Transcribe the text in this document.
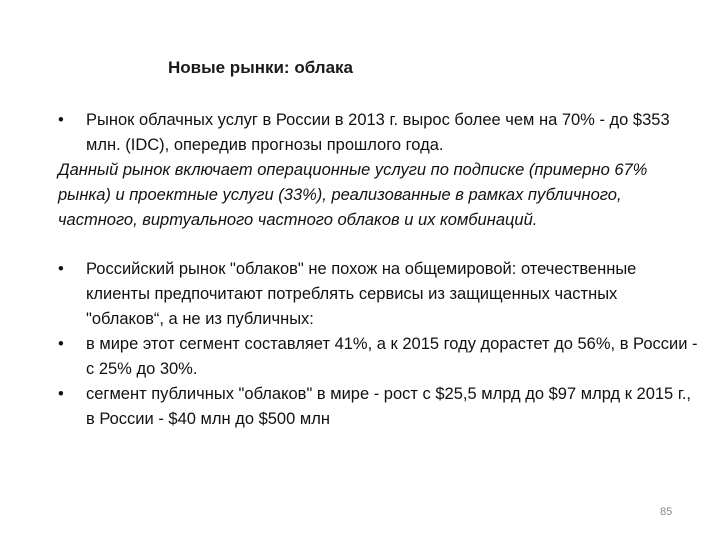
Новые рынки: облака
•	Рынок облачных услуг в России в 2013 г. вырос более чем на 70% - до $353 млн. (IDC), опередив прогнозы прошлого года.
Данный рынок включает операционные услуги по подписке (примерно 67% рынка) и проектные услуги (33%), реализованные в рамках публичного, частного, виртуального частного облаков и их комбинаций.
•	Российский рынок "облаков" не похож на общемировой: отечественные клиенты предпочитают потреблять сервисы из защищенных частных "облаков“, а не из публичных:
•	в мире этот сегмент составляет 41%, а к 2015 году дорастет до 56%, в России - с 25% до 30%.
•	сегмент публичных "облаков" в мире - рост с $25,5 млрд до $97 млрд к 2015 г., в России - $40 млн до $500 млн
85
